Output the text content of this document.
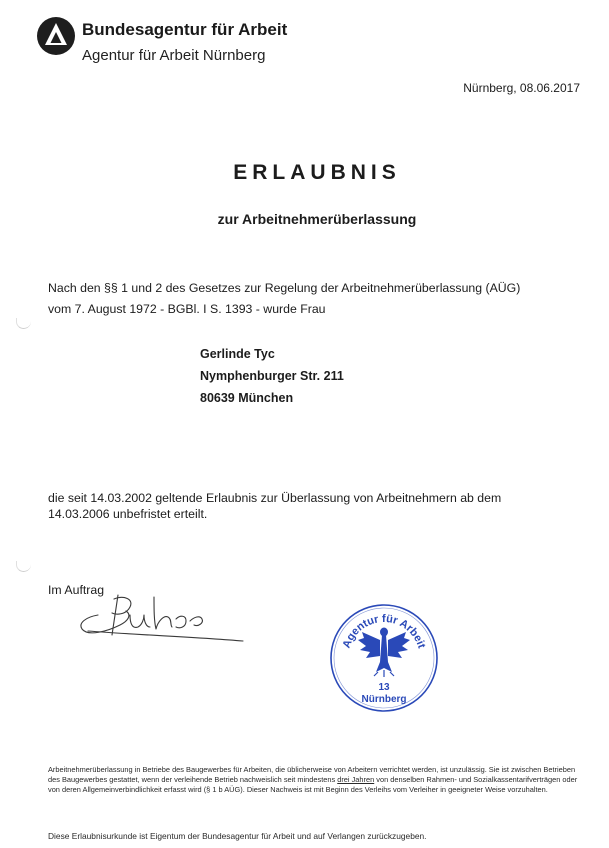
Bundesagentur für Arbeit
Agentur für Arbeit Nürnberg
Nürnberg, 08.06.2017
ERLAUBNIS
zur Arbeitnehmerüberlassung
Nach den §§ 1 und 2 des Gesetzes zur Regelung der Arbeitnehmerüberlassung (AÜG)
vom 7. August 1972 - BGBl. I S. 1393 - wurde Frau
Gerlinde Tyc
Nymphenburger Str. 211
80639 München
die seit 14.03.2002 geltende Erlaubnis zur Überlassung von Arbeitnehmern ab dem
14.03.2006 unbefristet erteilt.
Im Auftrag
Agentur für Arbeit
13
Nürnberg
Arbeitnehmerüberlassung in Betriebe des Baugewerbes für Arbeiten, die üblicherweise von Arbeitern verrichtet werden, ist unzulässig. Sie ist zwischen Betrieben des Baugewerbes gestattet, wenn der verleihende Betrieb nachweislich seit mindestens drei Jahren von denselben Rahmen- und Sozialkassentarifverträgen oder von deren Allgemeinverbindlichkeit erfasst wird (§ 1 b AÜG). Dieser Nachweis ist mit Beginn des Verleihs vom Verleiher in geeigneter Weise vorzuhalten.
Diese Erlaubnisurkunde ist Eigentum der Bundesagentur für Arbeit und auf Verlangen zurückzugeben.
